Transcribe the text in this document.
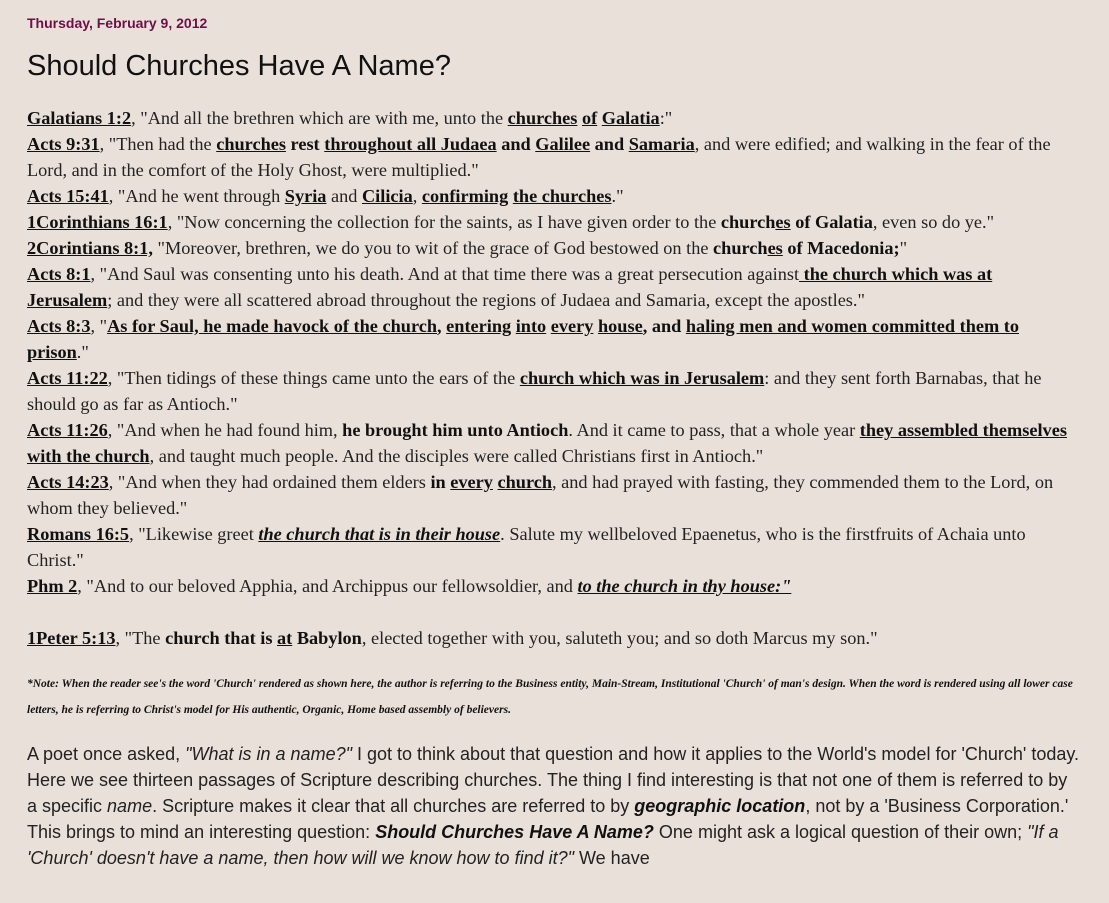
Thursday, February 9, 2012
Should Churches Have A Name?
Galatians 1:2, "And all the brethren which are with me, unto the churches of Galatia:"
Acts 9:31, "Then had the churches rest throughout all Judaea and Galilee and Samaria, and were edified; and walking in the fear of the Lord, and in the comfort of the Holy Ghost, were multiplied."
Acts 15:41, "And he went through Syria and Cilicia, confirming the churches."
1Corinthians 16:1, "Now concerning the collection for the saints, as I have given order to the churches of Galatia, even so do ye."
2Corintians 8:1, "Moreover, brethren, we do you to wit of the grace of God bestowed on the churches of Macedonia;"
Acts 8:1, "And Saul was consenting unto his death. And at that time there was a great persecution against the church which was at Jerusalem; and they were all scattered abroad throughout the regions of Judaea and Samaria, except the apostles."
Acts 8:3, "As for Saul, he made havock of the church, entering into every house, and haling men and women committed them to prison."
Acts 11:22, "Then tidings of these things came unto the ears of the church which was in Jerusalem: and they sent forth Barnabas, that he should go as far as Antioch."
Acts 11:26, "And when he had found him, he brought him unto Antioch. And it came to pass, that a whole year they assembled themselves with the church, and taught much people. And the disciples were called Christians first in Antioch."
Acts 14:23, "And when they had ordained them elders in every church, and had prayed with fasting, they commended them to the Lord, on whom they believed."
Romans 16:5, "Likewise greet the church that is in their house. Salute my wellbeloved Epaenetus, who is the firstfruits of Achaia unto Christ."
Phm 2, "And to our beloved Apphia, and Archippus our fellowsoldier, and to the church in thy house:"
1Peter 5:13, "The church that is at Babylon, elected together with you, saluteth you; and so doth Marcus my son."

*Note: When the reader see's the word 'Church' rendered as shown here, the author is referring to the Business entity, Main-Stream, Institutional 'Church' of man's design. When the word is rendered using all lower case letters, he is referring to Christ's model for His authentic, Organic, Home based assembly of believers.

A poet once asked, "What is in a name?" I got to think about that question and how it applies to the World's model for 'Church' today. Here we see thirteen passages of Scripture describing churches. The thing I find interesting is that not one of them is referred to by a specific name. Scripture makes it clear that all churches are referred to by geographic location, not by a 'Business Corporation.' This brings to mind an interesting question: Should Churches Have A Name? One might ask a logical question of their own; "If a 'Church' doesn't have a name, then how will we know how to find it?" We have
